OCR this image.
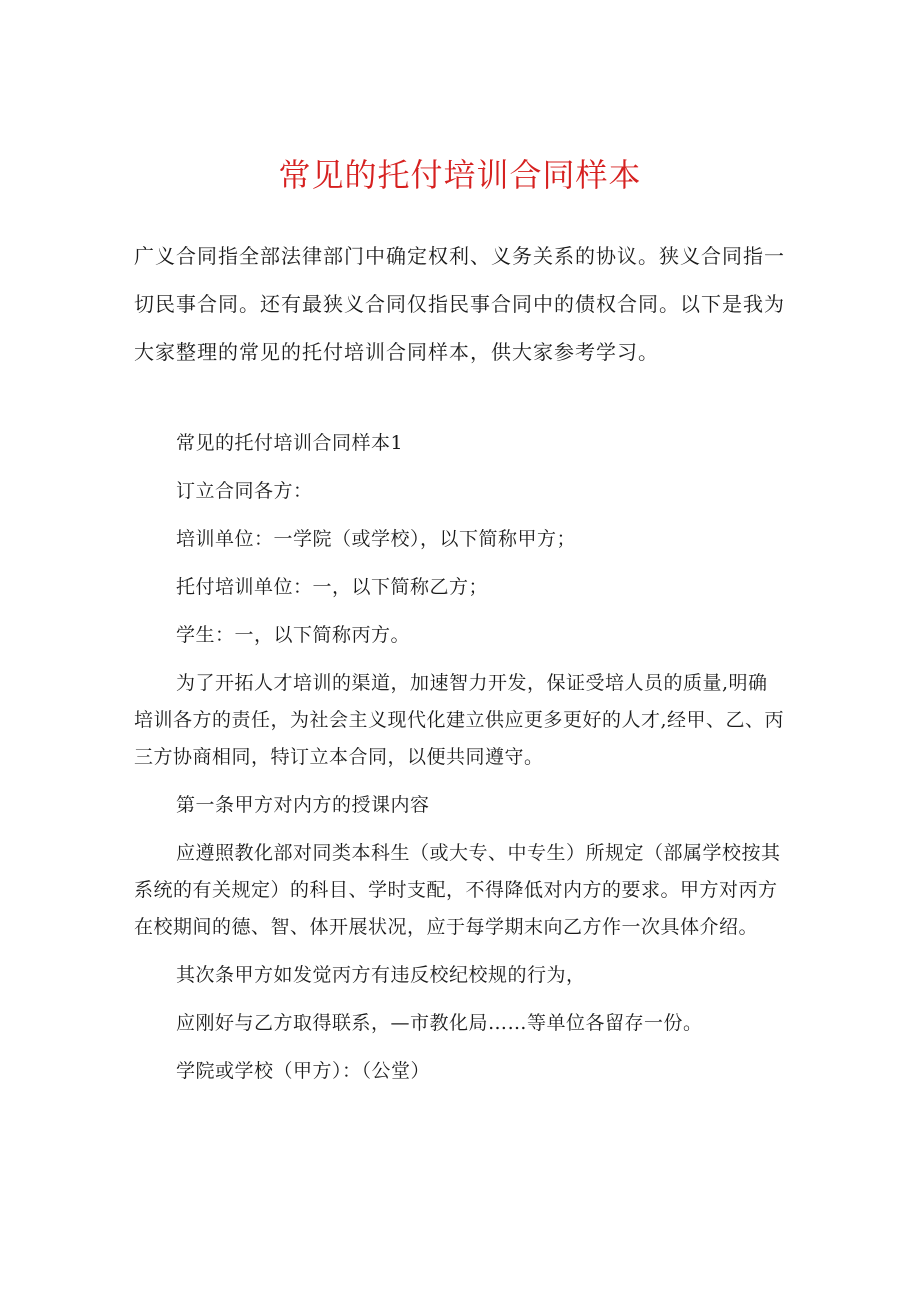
常见的托付培训合同样本

广义合同指全部法律部门中确定权利、义务关系的协议。狭义合同指一切民事合同。还有最狭义合同仅指民事合同中的债权合同。以下是我为大家整理的常见的托付培训合同样本，供大家参考学习。

常见的托付培训合同样本1

订立合同各方：

培训单位：一学院（或学校），以下简称甲方；

托付培训单位：一，以下简称乙方；

学生：一，以下简称丙方。

为了开拓人才培训的渠道，加速智力开发，保证受培人员的质量,明确培训各方的责任，为社会主义现代化建立供应更多更好的人才,经甲、乙、丙三方协商相同，特订立本合同，以便共同遵守。

第一条甲方对内方的授课内容

应遵照教化部对同类本科生（或大专、中专生）所规定（部属学校按其系统的有关规定）的科目、学时支配，不得降低对内方的要求。甲方对丙方在校期间的德、智、体开展状况，应于每学期末向乙方作一次具体介绍。

其次条甲方如发觉丙方有违反校纪校规的行为，

应刚好与乙方取得联系，—市教化局……等单位各留存一份。

学院或学校（甲方）：（公堂）
